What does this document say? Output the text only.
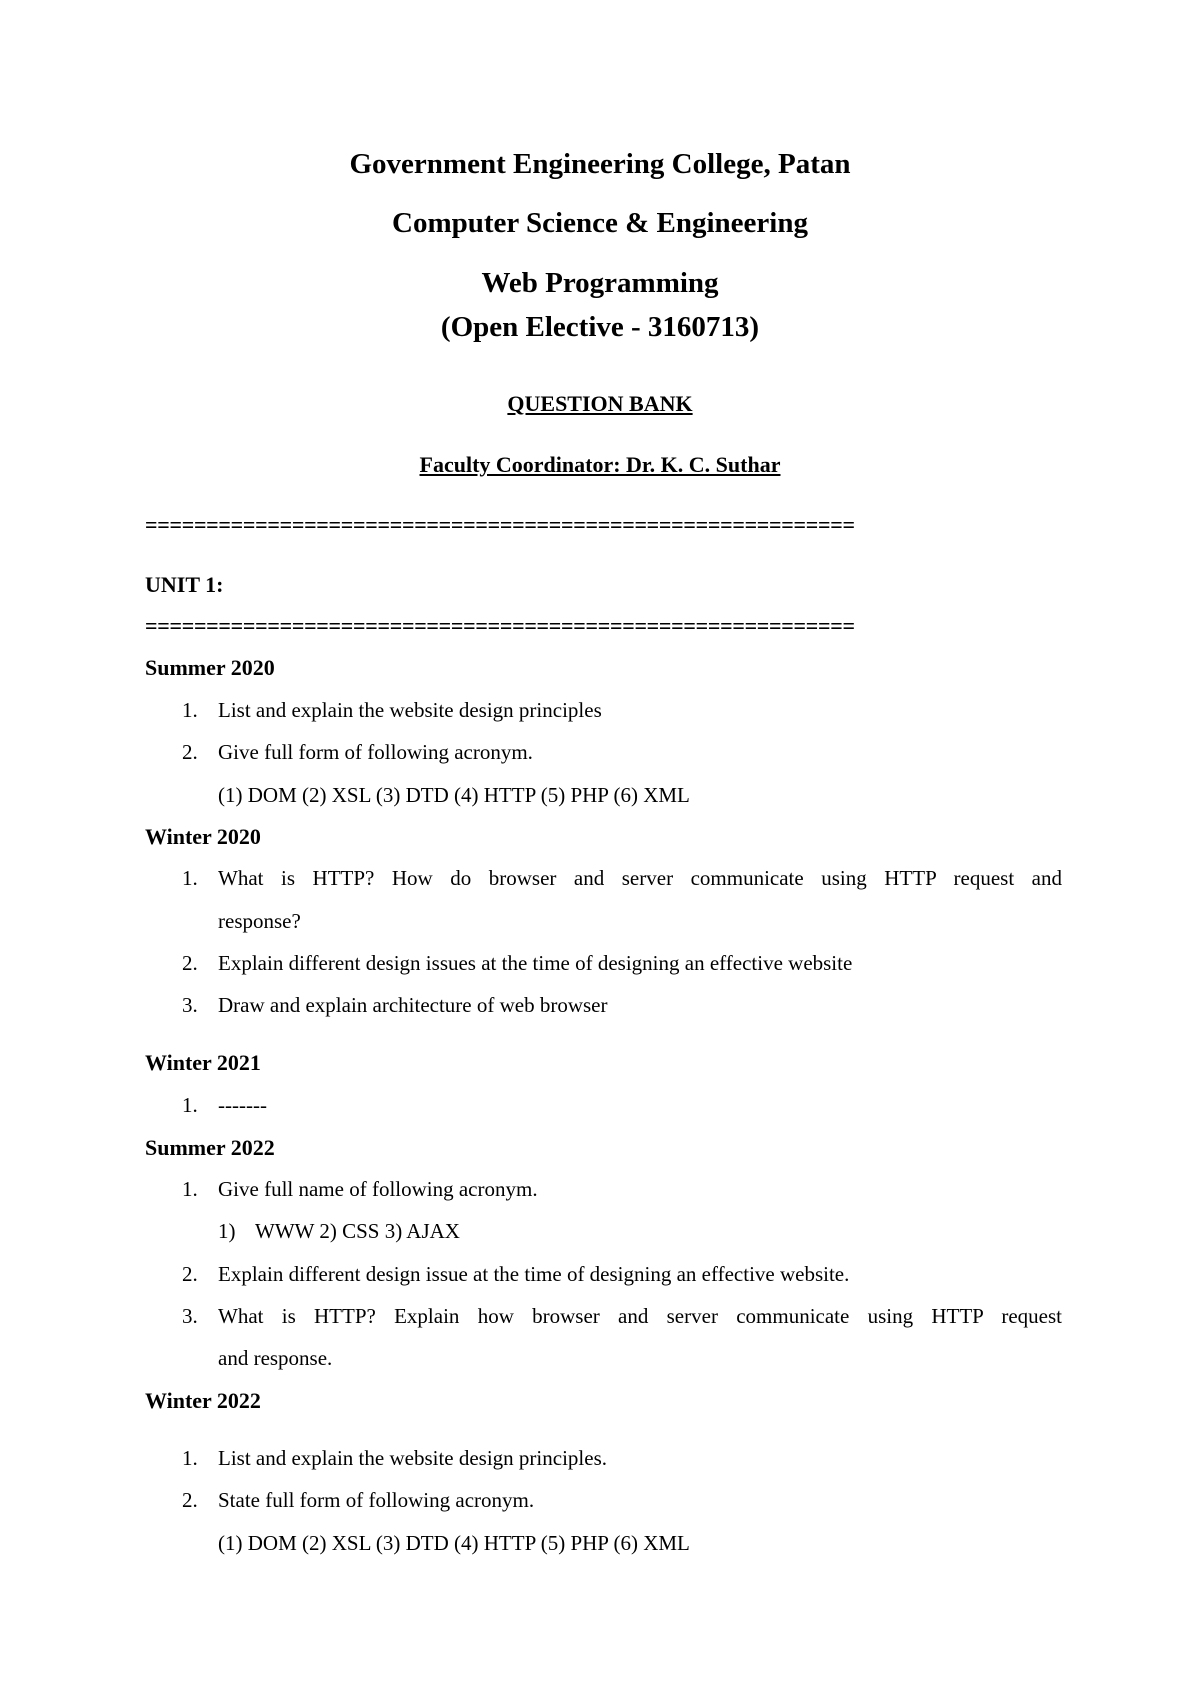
Government Engineering College, Patan
Computer Science & Engineering
Web Programming
(Open Elective - 3160713)
QUESTION BANK
Faculty Coordinator: Dr. K. C. Suthar
==========================================================
UNIT 1:
==========================================================
Summer 2020
1. List and explain the website design principles
2. Give full form of following acronym.
(1) DOM (2) XSL (3) DTD (4) HTTP (5) PHP (6) XML
Winter 2020
1. What is HTTP? How do browser and server communicate using HTTP request and
response?
2. Explain different design issues at the time of designing an effective website
3. Draw and explain architecture of web browser
Winter 2021
1. -------
Summer 2022
1. Give full name of following acronym.
1) WWW 2) CSS 3) AJAX
2. Explain different design issue at the time of designing an effective website.
3. What is HTTP? Explain how browser and server communicate using HTTP request
and response.
Winter 2022
1. List and explain the website design principles.
2. State full form of following acronym.
(1) DOM (2) XSL (3) DTD (4) HTTP (5) PHP (6) XML
